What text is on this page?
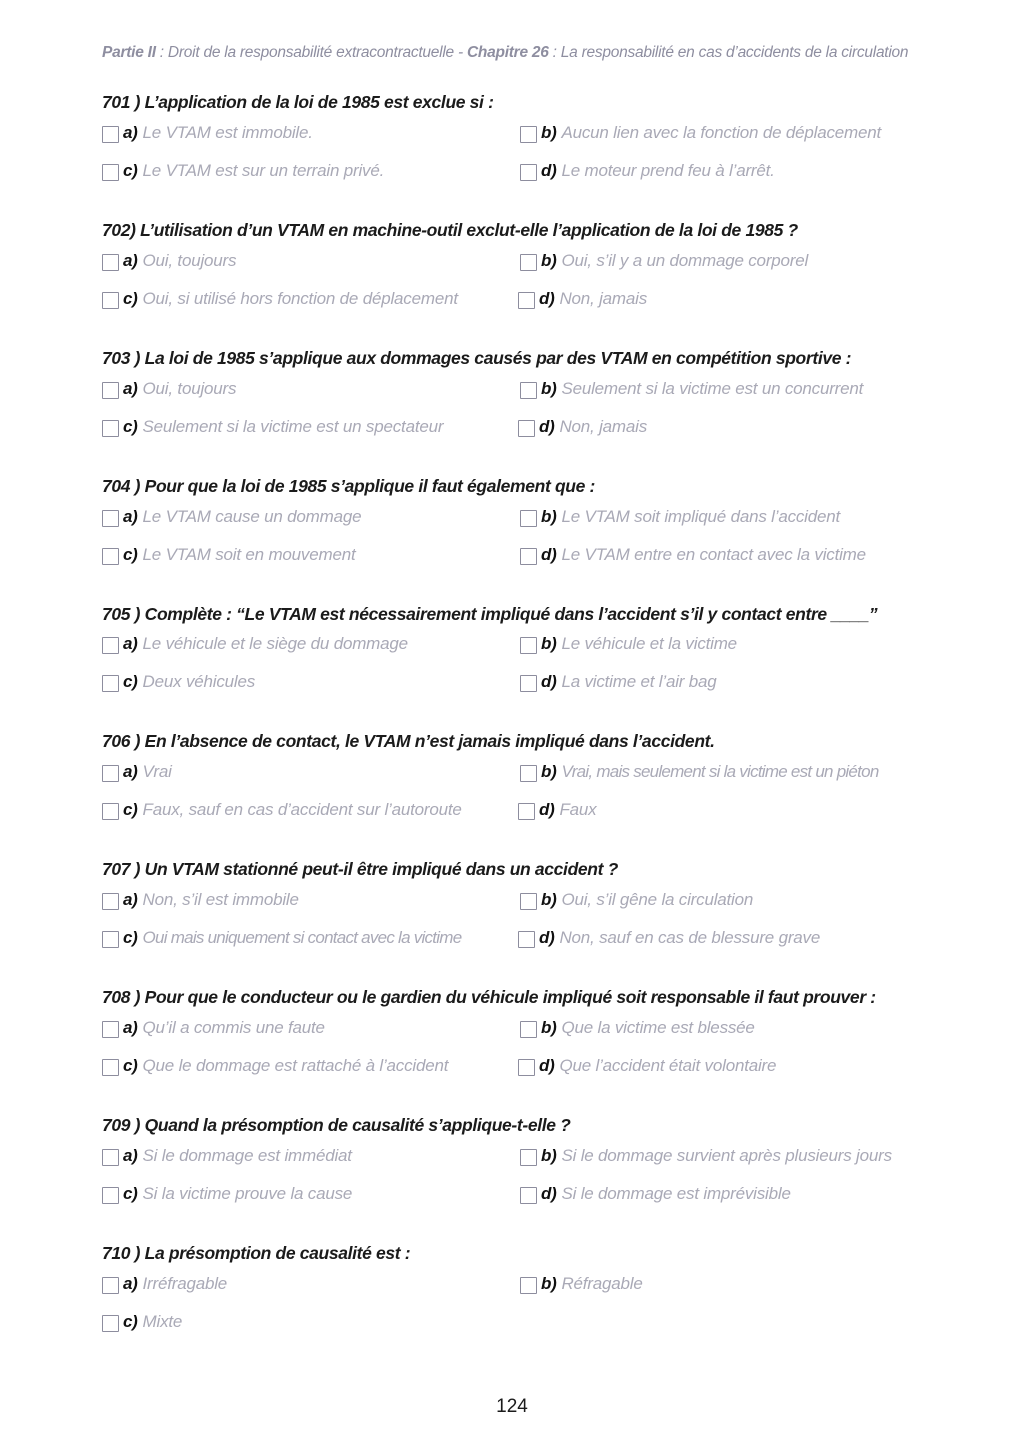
Partie II : Droit de la responsabilité extracontractuelle - Chapitre 26 : La responsabilité en cas d’accidents de la circulation
701 ) L’application de la loi de 1985 est exclue si :
a) Le VTAM est immobile.	b) Aucun lien avec la fonction de déplacement
c) Le VTAM est sur un terrain privé.	d) Le moteur prend feu à l’arrêt.
702) L’utilisation d’un VTAM en machine-outil exclut-elle l’application de la loi de 1985 ?
a) Oui, toujours	b) Oui, s’il y a un dommage corporel
c) Oui, si utilisé hors fonction de déplacement	d) Non, jamais
703 ) La loi de 1985 s’applique aux dommages causés par des VTAM en compétition sportive :
a) Oui, toujours	b) Seulement si la victime est un concurrent
c) Seulement si la victime est un spectateur	d) Non, jamais
704 ) Pour que la loi de 1985 s’applique il faut également que :
a) Le VTAM cause un dommage	b) Le VTAM soit impliqué dans l’accident
c) Le VTAM soit en mouvement	d) Le VTAM entre en contact avec la victime
705 ) Complète : “Le VTAM est nécessairement impliqué dans l’accident s’il y contact entre ____”
a) Le véhicule et le siège du dommage	b) Le véhicule et la victime
c) Deux véhicules	d) La victime et l’air bag
706 ) En l’absence de contact, le VTAM n’est jamais impliqué dans l’accident.
a) Vrai	b) Vrai, mais seulement si la victime est un piéton
c) Faux, sauf en cas d’accident sur l’autoroute	d) Faux
707 ) Un VTAM stationné peut-il être impliqué dans un accident ?
a) Non, s’il est immobile	b) Oui, s’il gêne la circulation
c) Oui mais uniquement si contact avec la victime	d) Non, sauf en cas de blessure grave
708 ) Pour que le conducteur ou le gardien du véhicule impliqué soit responsable il faut prouver :
a) Qu’il a commis une faute	b) Que la victime est blessée
c) Que le dommage est rattaché à l’accident	d) Que l’accident était volontaire
709 ) Quand la présomption de causalité s’applique-t-elle ?
a) Si le dommage est immédiat	b) Si le dommage survient après plusieurs jours
c) Si la victime prouve la cause	d) Si le dommage est imprévisible
710 ) La présomption de causalité est :
a) Irréfragable	b) Réfragable
c) Mixte
124
